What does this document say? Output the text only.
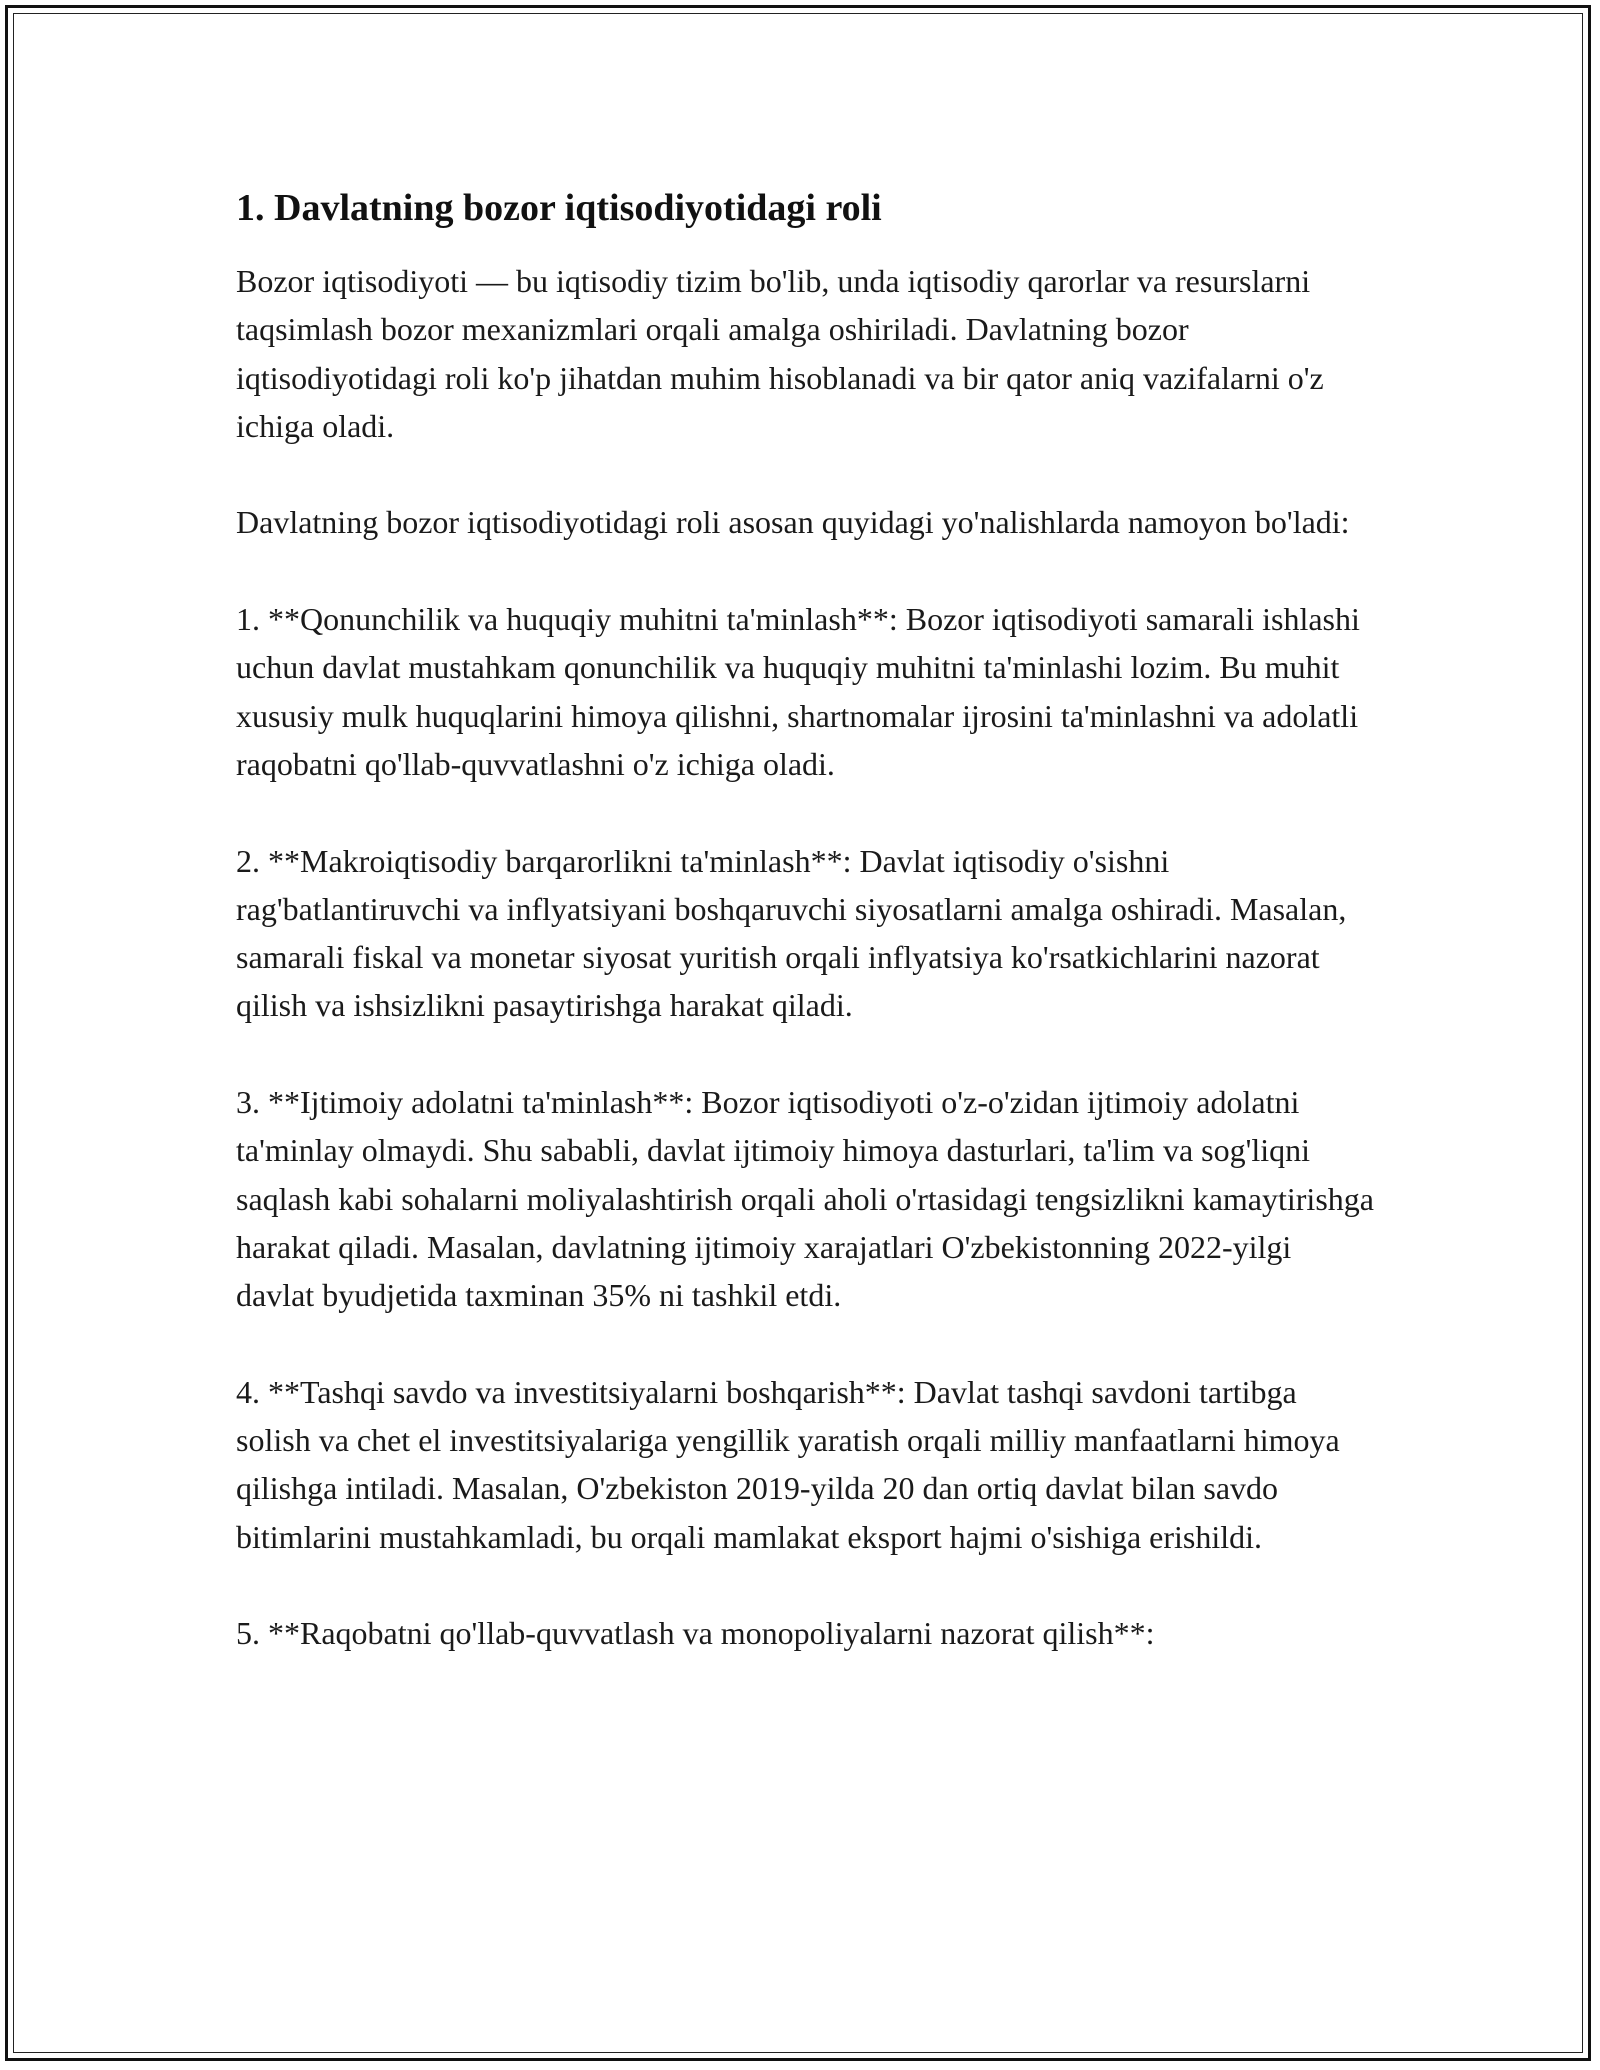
1. Davlatning bozor iqtisodiyotidagi roli

Bozor iqtisodiyoti — bu iqtisodiy tizim bo'lib, unda iqtisodiy qarorlar va resurslarni taqsimlash bozor mexanizmlari orqali amalga oshiriladi. Davlatning bozor iqtisodiyotidagi roli ko'p jihatdan muhim hisoblanadi va bir qator aniq vazifalarni o'z ichiga oladi.

Davlatning bozor iqtisodiyotidagi roli asosan quyidagi yo'nalishlarda namoyon bo'ladi:

1. **Qonunchilik va huquqiy muhitni ta'minlash**: Bozor iqtisodiyoti samarali ishlashi uchun davlat mustahkam qonunchilik va huquqiy muhitni ta'minlashi lozim. Bu muhit xususiy mulk huquqlarini himoya qilishni, shartnomalar ijrosini ta'minlashni va adolatli raqobatni qo'llab-quvvatlashni o'z ichiga oladi.

2. **Makroiqtisodiy barqarorlikni ta'minlash**: Davlat iqtisodiy o'sishni rag'batlantiruvchi va inflyatsiyani boshqaruvchi siyosatlarni amalga oshiradi. Masalan, samarali fiskal va monetar siyosat yuritish orqali inflyatsiya ko'rsatkichlarini nazorat qilish va ishsizlikni pasaytirishga harakat qiladi.

3. **Ijtimoiy adolatni ta'minlash**: Bozor iqtisodiyoti o'z-o'zidan ijtimoiy adolatni ta'minlay olmaydi. Shu sababli, davlat ijtimoiy himoya dasturlari, ta'lim va sog'liqni saqlash kabi sohalarni moliyalashtirish orqali aholi o'rtasidagi tengsizlikni kamaytirishga harakat qiladi. Masalan, davlatning ijtimoiy xarajatlari O'zbekistonning 2022-yilgi davlat byudjetida taxminan 35% ni tashkil etdi.

4. **Tashqi savdo va investitsiyalarni boshqarish**: Davlat tashqi savdoni tartibga solish va chet el investitsiyalariga yengillik yaratish orqali milliy manfaatlarni himoya qilishga intiladi. Masalan, O'zbekiston 2019-yilda 20 dan ortiq davlat bilan savdo bitimlarini mustahkamladi, bu orqali mamlakat eksport hajmi o'sishiga erishildi.

5. **Raqobatni qo'llab-quvvatlash va monopoliyalarni nazorat qilish**:
